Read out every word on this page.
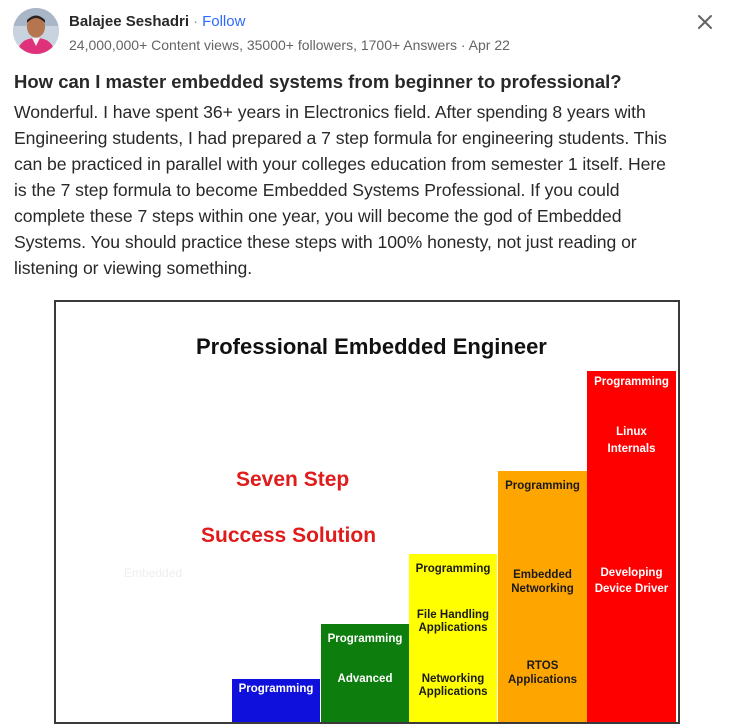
Balajee Seshadri · Follow
24,000,000+ Content views, 35000+ followers, 1700+ Answers · Apr 22
How can I master embedded systems from beginner to professional?
Wonderful. I have spent 36+ years in Electronics field. After spending 8 years with
Engineering students, I had prepared a 7 step formula for engineering students. This
can be practiced in parallel with your colleges education from semester 1 itself. Here
is the 7 step formula to become Embedded Systems Professional. If you could
complete these 7 steps within one year, you will become the god of Embedded
Systems. You should practice these steps with 100% honesty, not just reading or
listening or viewing something.
Professional Embedded Engineer
Seven Step
Success Solution
Embedded
Programming
Programming
Advanced
Programming
File Handling
Applications
Networking
Applications
Programming
Embedded
Networking
RTOS
Applications
Programming
Linux
Internals
Developing
Device Driver
